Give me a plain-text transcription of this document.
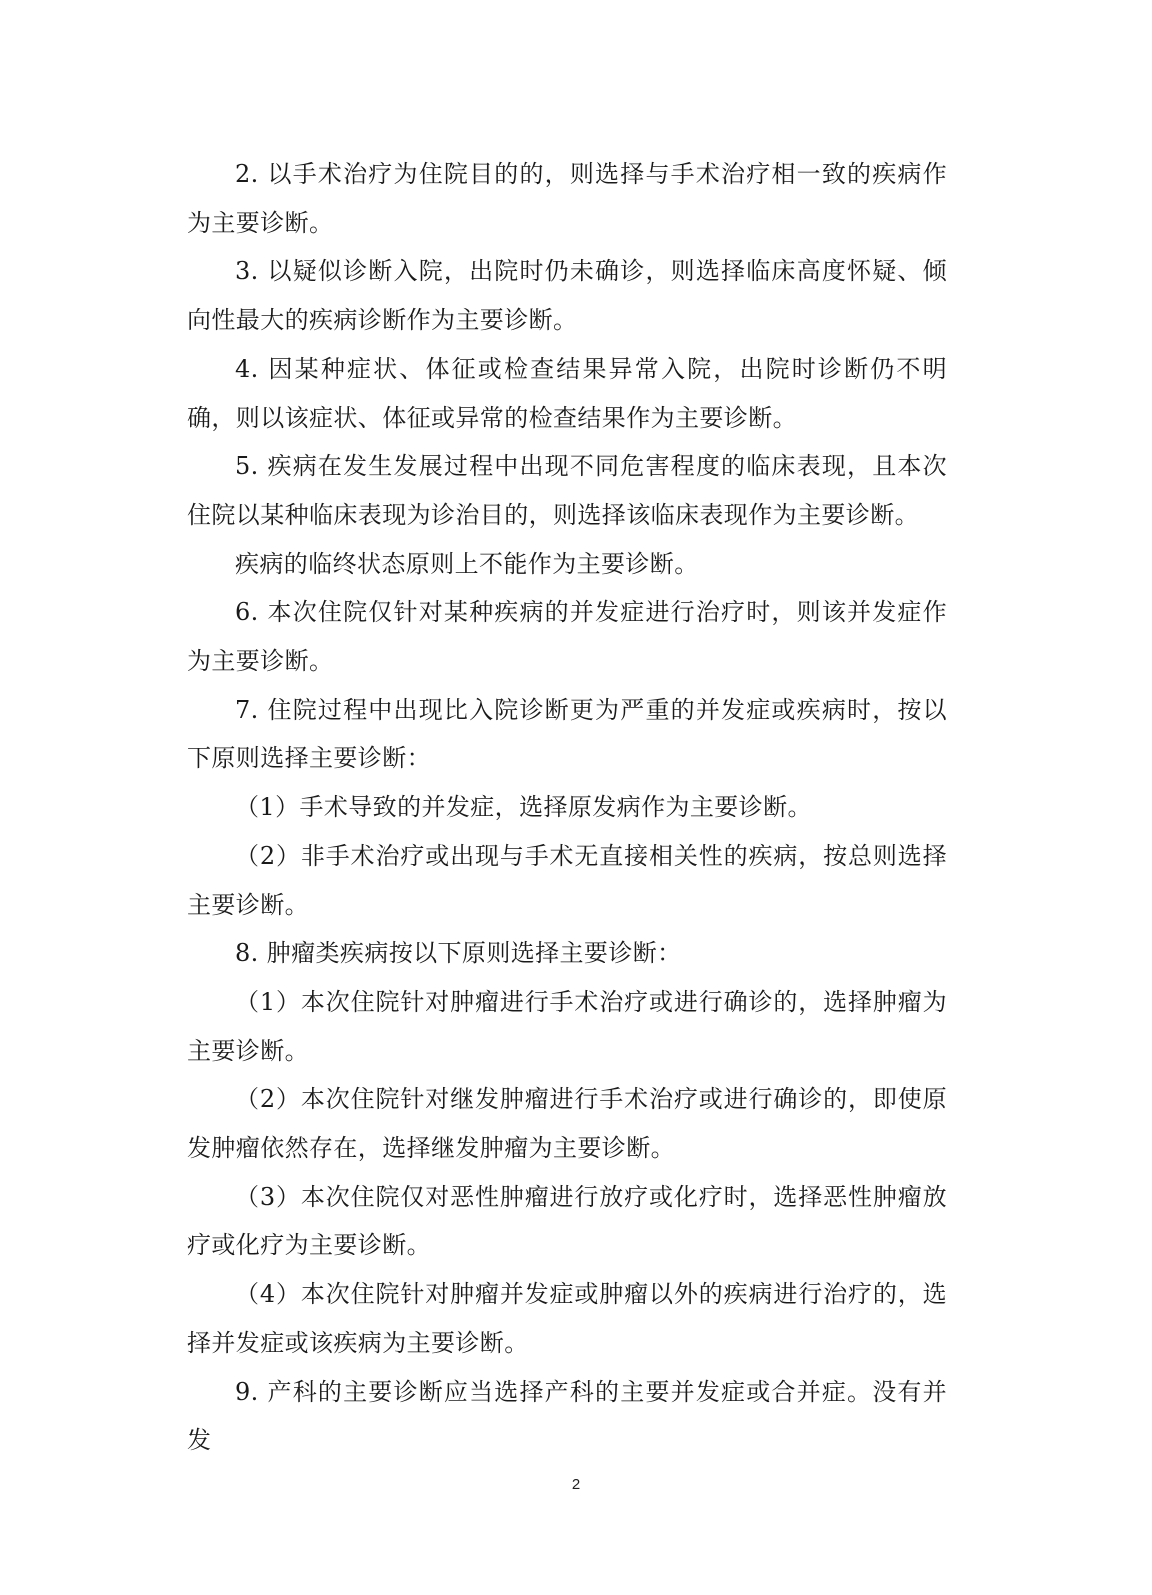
2. 以手术治疗为住院目的的，则选择与手术治疗相一致的疾病作为主要诊断。

3. 以疑似诊断入院，出院时仍未确诊，则选择临床高度怀疑、倾向性最大的疾病诊断作为主要诊断。

4. 因某种症状、体征或检查结果异常入院，出院时诊断仍不明确，则以该症状、体征或异常的检查结果作为主要诊断。

5. 疾病在发生发展过程中出现不同危害程度的临床表现，且本次住院以某种临床表现为诊治目的，则选择该临床表现作为主要诊断。

疾病的临终状态原则上不能作为主要诊断。

6. 本次住院仅针对某种疾病的并发症进行治疗时，则该并发症作为主要诊断。

7. 住院过程中出现比入院诊断更为严重的并发症或疾病时，按以下原则选择主要诊断：

（1）手术导致的并发症，选择原发病作为主要诊断。

（2）非手术治疗或出现与手术无直接相关性的疾病，按总则选择主要诊断。

8. 肿瘤类疾病按以下原则选择主要诊断：

（1）本次住院针对肿瘤进行手术治疗或进行确诊的，选择肿瘤为主要诊断。

（2）本次住院针对继发肿瘤进行手术治疗或进行确诊的，即使原发肿瘤依然存在，选择继发肿瘤为主要诊断。

（3）本次住院仅对恶性肿瘤进行放疗或化疗时，选择恶性肿瘤放疗或化疗为主要诊断。

（4）本次住院针对肿瘤并发症或肿瘤以外的疾病进行治疗的，选择并发症或该疾病为主要诊断。

9. 产科的主要诊断应当选择产科的主要并发症或合并症。没有并发

2
